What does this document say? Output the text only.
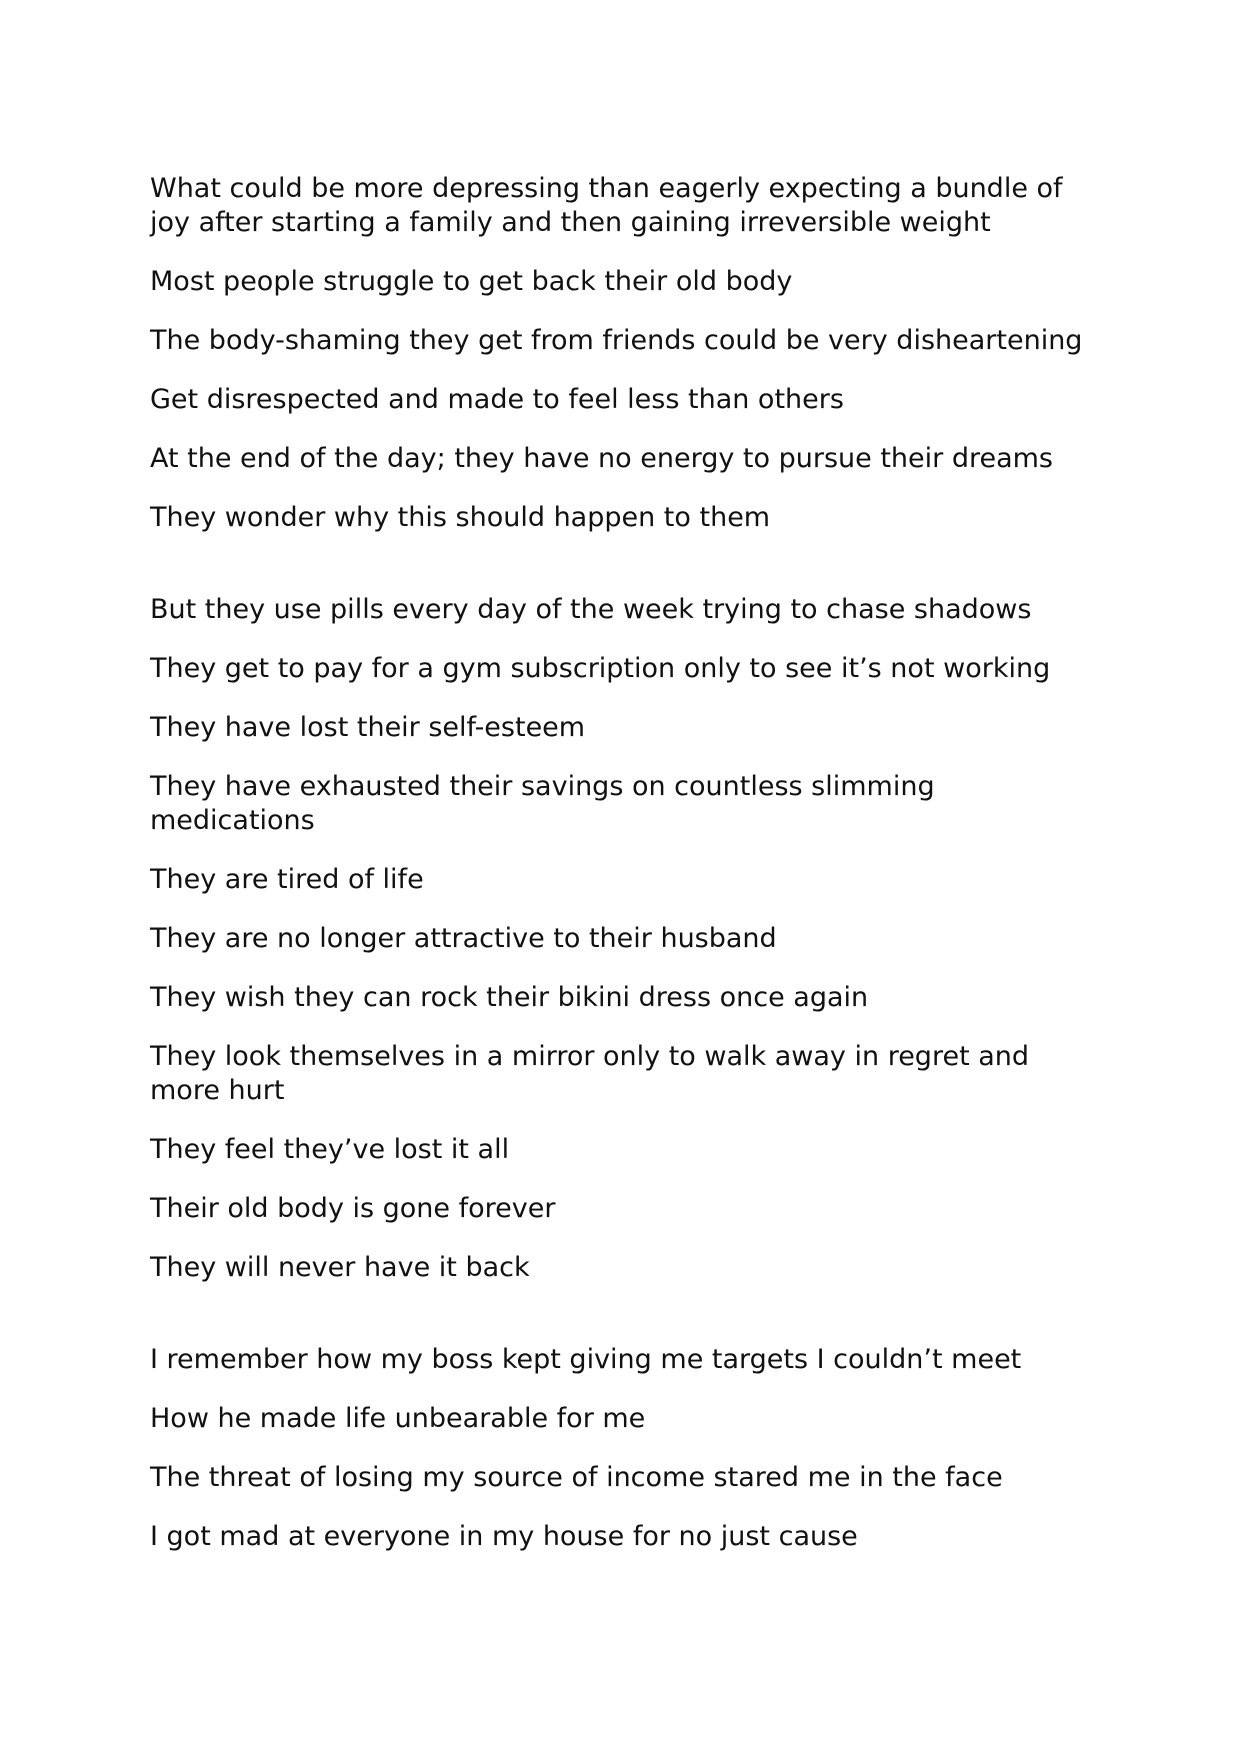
What could be more depressing than eagerly expecting a bundle of joy after starting a family and then gaining irreversible weight

Most people struggle to get back their old body

The body-shaming they get from friends could be very disheartening

Get disrespected and made to feel less than others

At the end of the day; they have no energy to pursue their dreams

They wonder why this should happen to them

But they use pills every day of the week trying to chase shadows

They get to pay for a gym subscription only to see it’s not working

They have lost their self-esteem

They have exhausted their savings on countless slimming medications

They are tired of life

They are no longer attractive to their husband

They wish they can rock their bikini dress once again

They look themselves in a mirror only to walk away in regret and more hurt

They feel they’ve lost it all

Their old body is gone forever

They will never have it back

I remember how my boss kept giving me targets I couldn’t meet

How he made life unbearable for me

The threat of losing my source of income stared me in the face

I got mad at everyone in my house for no just cause
